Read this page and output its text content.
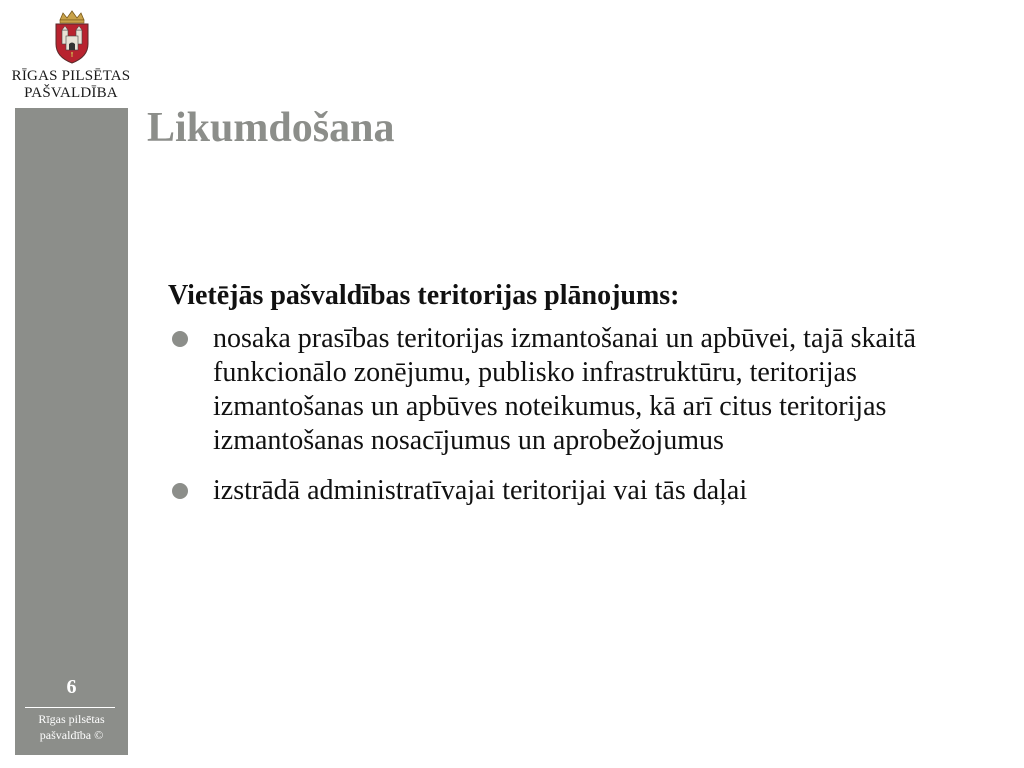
RĪGAS PILSĒTAS
PAŠVALDĪBA
Likumdošana

Vietējās pašvaldības teritorijas plānojums:

nosaka prasības teritorijas izmantošanai un apbūvei, tajā skaitā funkcionālo zonējumu, publisko infrastruktūru, teritorijas izmantošanas un apbūves noteikumus, kā arī citus teritorijas izmantošanas nosacījumus un aprobežojumus
izstrādā administratīvajai teritorijai vai tās daļai
6
Rīgas pilsētas
pašvaldība ©
